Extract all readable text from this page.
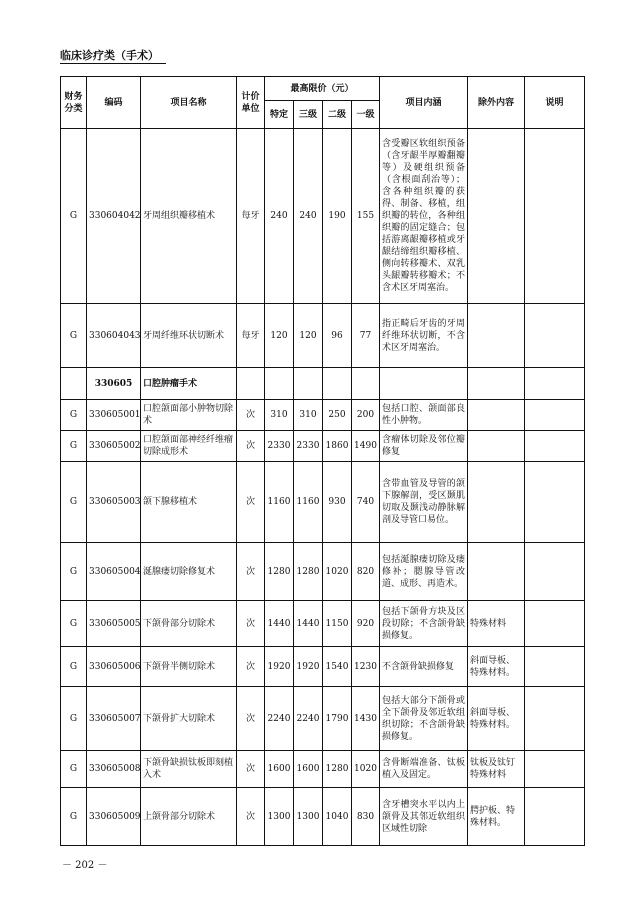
临床诊疗类（手术）
财务分类	编码	项目名称	计价单位	最高限价（元）				项目内涵	除外内容	说明
				特定	三级	二级	一级			
G	330604042	牙周组织瓣移植术	每牙	240	240	190	155	含受瓣区软组织预备（含牙龈半厚瓣翻瓣等）及硬组织预备（含根面刮治等）；含各种组织瓣的获得、制备、移植，组织瓣的转位，各种组织瓣的固定缝合；包括游离龈瓣移植或牙龈结缔组织瓣移植、侧向转移瓣术、双乳头龈瓣转移瓣术；不含术区牙周塞治。		
G	330604043	牙周纤维环状切断术	每牙	120	120	96	77	指正畸后牙齿的牙周纤维环状切断，不含术区牙周塞治。		
	330605	口腔肿瘤手术								
G	330605001	口腔颌面部小肿物切除术	次	310	310	250	200	包括口腔、颌面部良性小肿物。		
G	330605002	口腔颌面部神经纤维瘤切除成形术	次	2330	2330	1860	1490	含瘤体切除及邻位瓣修复		
G	330605003	颌下腺移植术	次	1160	1160	930	740	含带血管及导管的颌下腺解剖，受区颞肌切取及颞浅动静脉解剖及导管口易位。		
G	330605004	涎腺瘘切除修复术	次	1280	1280	1020	820	包括涎腺瘘切除及瘘修补；腮腺导管改道、成形、再造术。		
G	330605005	下颌骨部分切除术	次	1440	1440	1150	920	包括下颌骨方块及区段切除；不含颌骨缺损修复。	特殊材料	
G	330605006	下颌骨半侧切除术	次	1920	1920	1540	1230	不含颌骨缺损修复	斜面导板、特殊材料。	
G	330605007	下颌骨扩大切除术	次	2240	2240	1790	1430	包括大部分下颌骨或全下颌骨及邻近软组织切除；不含颌骨缺损修复。	斜面导板、特殊材料。	
G	330605008	下颌骨缺损钛板即刻植入术	次	1600	1600	1280	1020	含骨断端准备、钛板植入及固定。	钛板及钛钉特殊材料	
G	330605009	上颌骨部分切除术	次	1300	1300	1040	830	含牙槽突水平以内上颌骨及其邻近软组织区域性切除	腭护板、特殊材料。	
－ 202 －
